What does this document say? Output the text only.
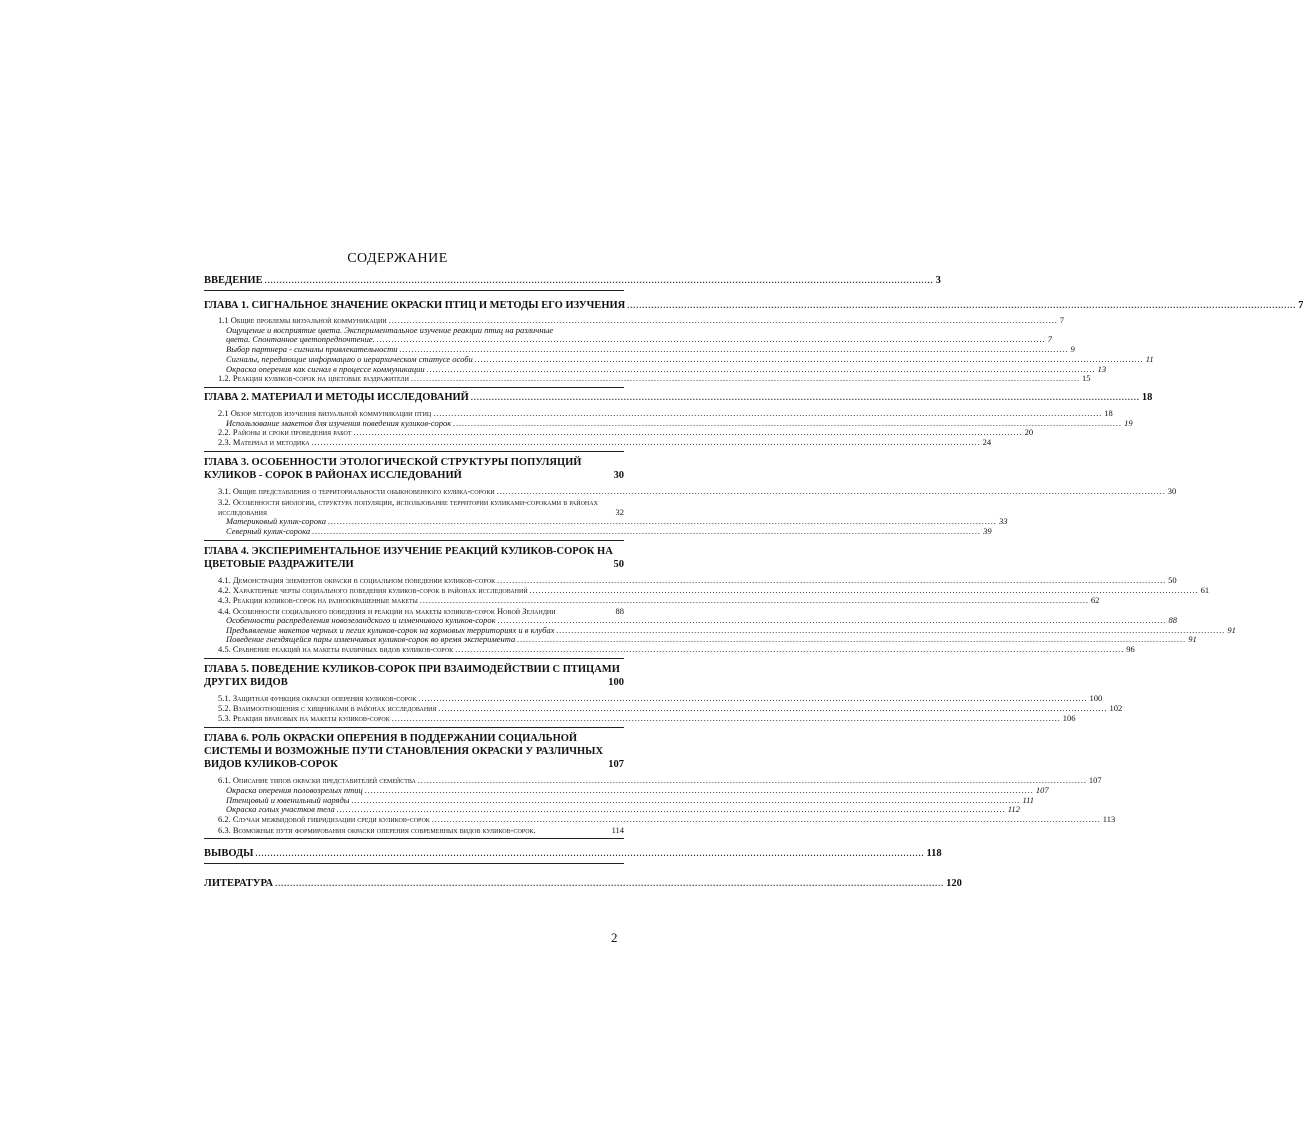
СОДЕРЖАНИЕ
ВВЕДЕНИЕ .....	3
ГЛАВА 1. СИГНАЛЬНОЕ ЗНАЧЕНИЕ ОКРАСКИ ПТИЦ И МЕТОДЫ ЕГО ИЗУЧЕНИЯ .....	7
1.1 Общие проблемы визуальной коммуникации .....	7
Ощущение и восприятие цвета. Экспериментальное изучение реакции птиц на различные
цвета. Спонтанное цветопредпочтение. .....	7
Выбор партнера - сигналы привлекательности .....	9
Сигналы, передающие информацию о иерархическом статусе особи .....	11
Окраска оперения как сигнал в процессе коммуникации .....	13
1.2. Реакция куликов-сорок на цветовые раздражители .....	15
ГЛАВА 2. МАТЕРИАЛ И МЕТОДЫ ИССЛЕДОВАНИЙ .....	18
2.1 Обзор методов изучения визуальной коммуникации птиц .....	18
Использование макетов для изучения поведения куликов-сорок .....	19
2.2. Районы и сроки проведения работ .....	20
2.3. Материал и методика .....	24
ГЛАВА 3. ОСОБЕННОСТИ ЭТОЛОГИЧЕСКОЙ СТРУКТУРЫ ПОПУЛЯЦИЙ КУЛИКОВ - СОРОК В РАЙОНАХ ИССЛЕДОВАНИЙ	30
3.1. Общие представления о территориальности обыкновенного кулика-сороки .....	30
3.2. Особенности биологии, структура популяции, использование территории куликами-сороками в районах исследования	32
Материковый кулик-сорока .....	33
Северный кулик-сорока .....	39
ГЛАВА 4. ЭКСПЕРИМЕНТАЛЬНОЕ ИЗУЧЕНИЕ РЕАКЦИЙ КУЛИКОВ-СОРОК НА ЦВЕТОВЫЕ РАЗДРАЖИТЕЛИ	50
4.1. Демонстрация элементов окраски в социальном поведении куликов-сорок .....	50
4.2. Характерные черты социального поведения куликов-сорок в районах исследований .....	61
4.3. Реакции куликов-сорок на разноокрашенные макеты .....	62
4.4. Особенности социального поведения и реакции на макеты куликов-сорок Новой Зеландии	88
Особенности распределения новозеландского и изменчивого куликов-сорок .....	88
Предъявление макетов черных и пегих куликов-сорок на кормовых территориях и в клубах .....	91
Поведение гнездящейся пары изменчивых куликов-сорок во время эксперимента .....	91
4.5. Сравнение реакций на макеты различных видов куликов-сорок .....	96
ГЛАВА 5. ПОВЕДЕНИЕ КУЛИКОВ-СОРОК ПРИ ВЗАИМОДЕЙСТВИИ С ПТИЦАМИ ДРУГИХ ВИДОВ	100
5.1. Защитная функция окраски оперения куликов-сорок .....	100
5.2. Взаимоотношения с хищниками в районах исследования .....	102
5.3. Реакция врановых на макеты куликов-сорок .....	106
ГЛАВА 6. РОЛЬ ОКРАСКИ ОПЕРЕНИЯ В ПОДДЕРЖАНИИ СОЦИАЛЬНОЙ СИСТЕМЫ И ВОЗМОЖНЫЕ ПУТИ СТАНОВЛЕНИЯ ОКРАСКИ У РАЗЛИЧНЫХ ВИДОВ КУЛИКОВ-СОРОК	107
6.1. Описание типов окраски представителей семейства .....	107
Окраска оперения половозрелых птиц .....	107
Птенцовый и ювенильный наряды .....	111
Окраска голых участков тела .....	112
6.2. Случаи межвидовой гибридизации среди куликов-сорок .....	113
6.3. Возможные пути формирования окраски оперения современных видов куликов-сорок.	114
ВЫВОДЫ .....	118
ЛИТЕРАТУРА .....	120
2
